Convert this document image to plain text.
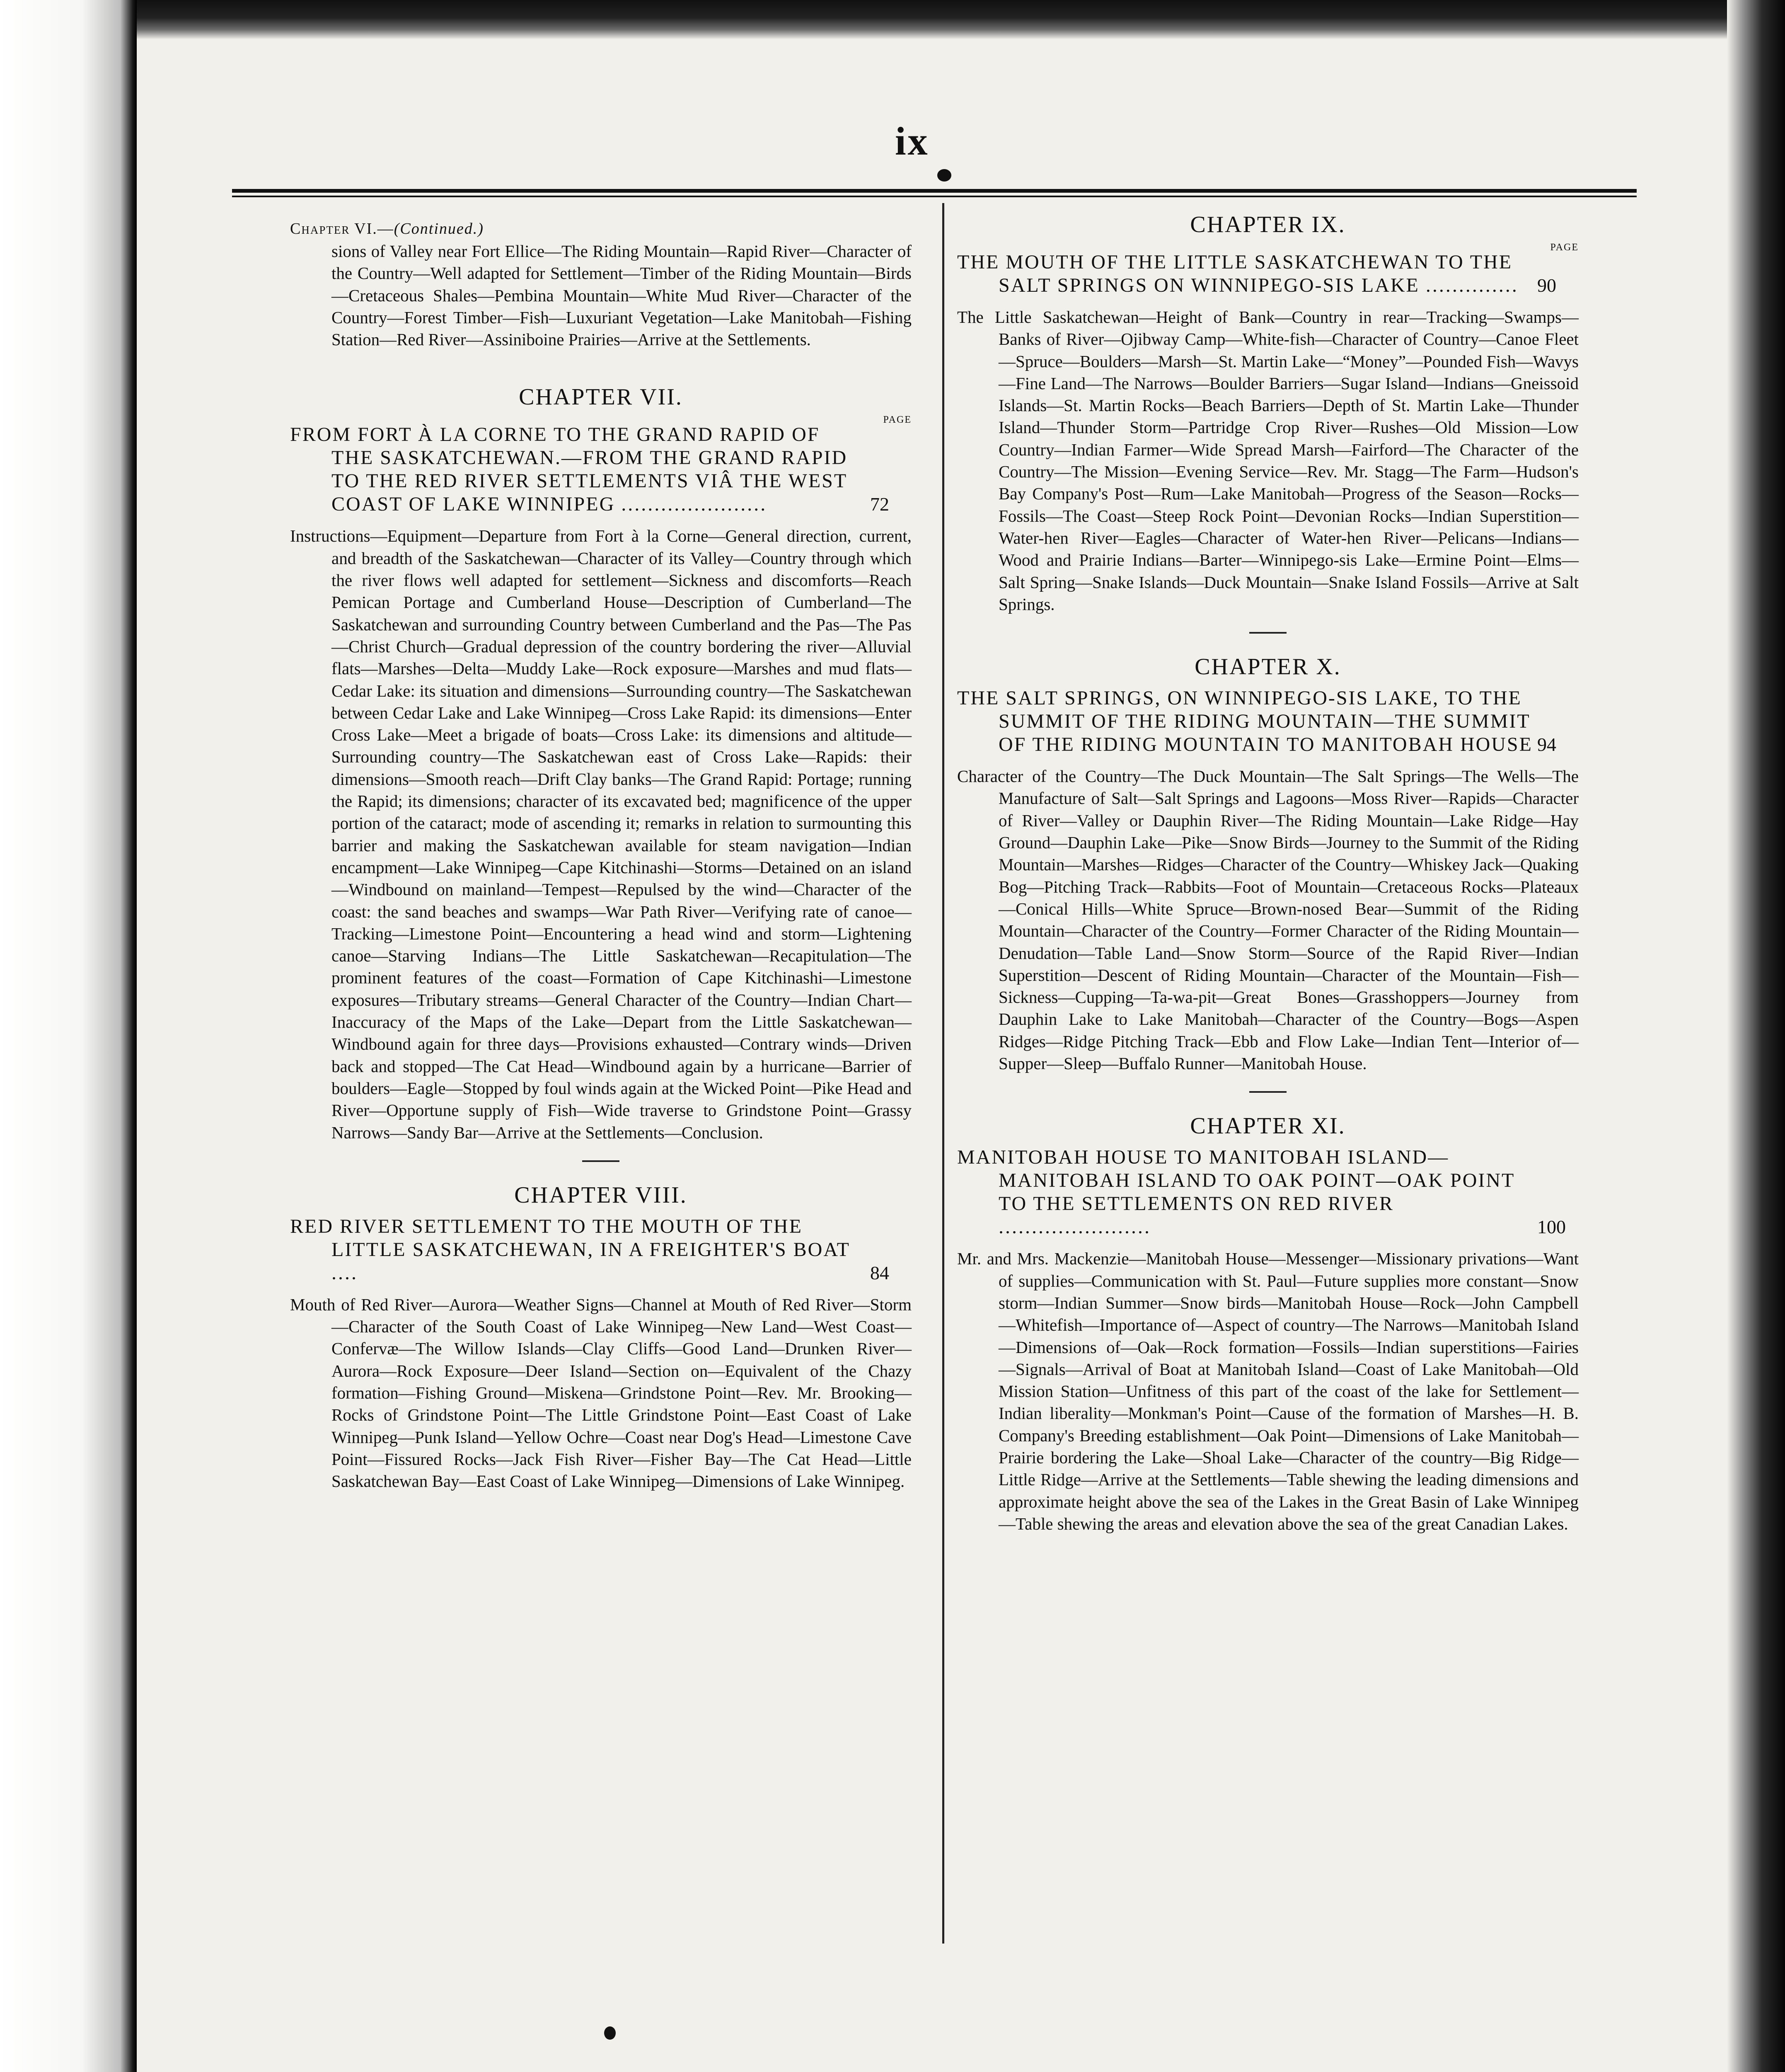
ix
Chapter VI.—(Continued.)

sions of Valley near Fort Ellice—The Riding Mountain—Rapid River—Character of the Country—Well adapted for Settlement—Timber of the Riding Mountain—Birds—Cretaceous Shales—Pembina Mountain—White Mud River—Character of the Country—Forest Timber—Fish—Luxuriant Vegetation—Lake Manitobah—Fishing Station—Red River—Assiniboine Prairies—Arrive at the Settlements.

CHAPTER VII.
PAGE
FROM FORT À LA CORNE TO THE GRAND RAPID OF THE SASKATCHEWAN.—FROM THE GRAND RAPID TO THE RED RIVER SETTLEMENTS VIÂ THE WEST COAST OF LAKE WINNIPEG ......................	72

Instructions—Equipment—Departure from Fort à la Corne—General direction, current, and breadth of the Saskatchewan—Character of its Valley—Country through which the river flows well adapted for settlement—Sickness and discomforts—Reach Pemican Portage and Cumberland House—Description of Cumberland—The Saskatchewan and surrounding Country between Cumberland and the Pas—The Pas—Christ Church—Gradual depression of the country bordering the river—Alluvial flats—Marshes—Delta—Muddy Lake—Rock exposure—Marshes and mud flats—Cedar Lake: its situation and dimensions—Surrounding country—The Saskatchewan between Cedar Lake and Lake Winnipeg—Cross Lake Rapid: its dimensions—Enter Cross Lake—Meet a brigade of boats—Cross Lake: its dimensions and altitude—Surrounding country—The Saskatchewan east of Cross Lake—Rapids: their dimensions—Smooth reach—Drift Clay banks—The Grand Rapid: Portage; running the Rapid; its dimensions; character of its excavated bed; magnificence of the upper portion of the cataract; mode of ascending it; remarks in relation to surmounting this barrier and making the Saskatchewan available for steam navigation—Indian encampment—Lake Winnipeg—Cape Kitchinashi—Storms—Detained on an island—Windbound on mainland—Tempest—Repulsed by the wind—Character of the coast: the sand beaches and swamps—War Path River—Verifying rate of canoe—Tracking—Limestone Point—Encountering a head wind and storm—Lightening canoe—Starving Indians—The Little Saskatchewan—Recapitulation—The prominent features of the coast—Formation of Cape Kitchinashi—Limestone exposures—Tributary streams—General Character of the Country—Indian Chart—Inaccuracy of the Maps of the Lake—Depart from the Little Saskatchewan—Windbound again for three days—Provisions exhausted—Contrary winds—Driven back and stopped—The Cat Head—Windbound again by a hurricane—Barrier of boulders—Eagle—Stopped by foul winds again at the Wicked Point—Pike Head and River—Opportune supply of Fish—Wide traverse to Grindstone Point—Grassy Narrows—Sandy Bar—Arrive at the Settlements—Conclusion.

CHAPTER VIII.
RED RIVER SETTLEMENT TO THE MOUTH OF THE LITTLE SASKATCHEWAN, IN A FREIGHTER'S BOAT ....	84

Mouth of Red River—Aurora—Weather Signs—Channel at Mouth of Red River—Storm—Character of the South Coast of Lake Winnipeg—New Land—West Coast—Confervæ—The Willow Islands—Clay Cliffs—Good Land—Drunken River—Aurora—Rock Exposure—Deer Island—Section on—Equivalent of the Chazy formation—Fishing Ground—Miskena—Grindstone Point—Rev. Mr. Brooking—Rocks of Grindstone Point—The Little Grindstone Point—East Coast of Lake Winnipeg—Punk Island—Yellow Ochre—Coast near Dog's Head—Limestone Cave Point—Fissured Rocks—Jack Fish River—Fisher Bay—The Cat Head—Little Saskatchewan Bay—East Coast of Lake Winnipeg—Dimensions of Lake Winnipeg.

CHAPTER IX.
PAGE
THE MOUTH OF THE LITTLE SASKATCHEWAN TO THE SALT SPRINGS ON WINNIPEGO-SIS LAKE .............. 90

The Little Saskatchewan—Height of Bank—Country in rear—Tracking—Swamps—Banks of River—Ojibway Camp—White-fish—Character of Country—Canoe Fleet—Spruce—Boulders—Marsh—St. Martin Lake—“Money”—Pounded Fish—Wavys—Fine Land—The Narrows—Boulder Barriers—Sugar Island—Indians—Gneissoid Islands—St. Martin Rocks—Beach Barriers—Depth of St. Martin Lake—Thunder Island—Thunder Storm—Partridge Crop River—Rushes—Old Mission—Low Country—Indian Farmer—Wide Spread Marsh—Fairford—The Character of the Country—The Mission—Evening Service—Rev. Mr. Stagg—The Farm—Hudson's Bay Company's Post—Rum—Lake Manitobah—Progress of the Season—Rocks—Fossils—The Coast—Steep Rock Point—Devonian Rocks—Indian Superstition—Water-hen River—Eagles—Character of Water-hen River—Pelicans—Indians—Wood and Prairie Indians—Barter—Winnipego-sis Lake—Ermine Point—Elms—Salt Spring—Snake Islands—Duck Mountain—Snake Island Fossils—Arrive at Salt Springs.

CHAPTER X.
THE SALT SPRINGS, ON WINNIPEGO-SIS LAKE, TO THE SUMMIT OF THE RIDING MOUNTAIN—THE SUMMIT OF THE RIDING MOUNTAIN TO MANITOBAH HOUSE 94

Character of the Country—The Duck Mountain—The Salt Springs—The Wells—The Manufacture of Salt—Salt Springs and Lagoons—Moss River—Rapids—Character of River—Valley or Dauphin River—The Riding Mountain—Lake Ridge—Hay Ground—Dauphin Lake—Pike—Snow Birds—Journey to the Summit of the Riding Mountain—Marshes—Ridges—Character of the Country—Whiskey Jack—Quaking Bog—Pitching Track—Rabbits—Foot of Mountain—Cretaceous Rocks—Plateaux—Conical Hills—White Spruce—Brown-nosed Bear—Summit of the Riding Mountain—Character of the Country—Former Character of the Riding Mountain—Denudation—Table Land—Snow Storm—Source of the Rapid River—Indian Superstition—Descent of Riding Mountain—Character of the Mountain—Fish—Sickness—Cupping—Ta-wa-pit—Great Bones—Grasshoppers—Journey from Dauphin Lake to Lake Manitobah—Character of the Country—Bogs—Aspen Ridges—Ridge Pitching Track—Ebb and Flow Lake—Indian Tent—Interior of—Supper—Sleep—Buffalo Runner—Manitobah House.

CHAPTER XI.
MANITOBAH HOUSE TO MANITOBAH ISLAND—MANITOBAH ISLAND TO OAK POINT—OAK POINT TO THE SETTLEMENTS ON RED RIVER .......................	100

Mr. and Mrs. Mackenzie—Manitobah House—Messenger—Missionary privations—Want of supplies—Communication with St. Paul—Future supplies more constant—Snow storm—Indian Summer—Snow birds—Manitobah House—Rock—John Campbell—Whitefish—Importance of—Aspect of country—The Narrows—Manitobah Island—Dimensions of—Oak—Rock formation—Fossils—Indian superstitions—Fairies—Signals—Arrival of Boat at Manitobah Island—Coast of Lake Manitobah—Old Mission Station—Unfitness of this part of the coast of the lake for Settlement—Indian liberality—Monkman's Point—Cause of the formation of Marshes—H. B. Company's Breeding establishment—Oak Point—Dimensions of Lake Manitobah—Prairie bordering the Lake—Shoal Lake—Character of the country—Big Ridge—Little Ridge—Arrive at the Settlements—Table shewing the leading dimensions and approximate height above the sea of the Lakes in the Great Basin of Lake Winnipeg—Table shewing the areas and elevation above the sea of the great Canadian Lakes.
